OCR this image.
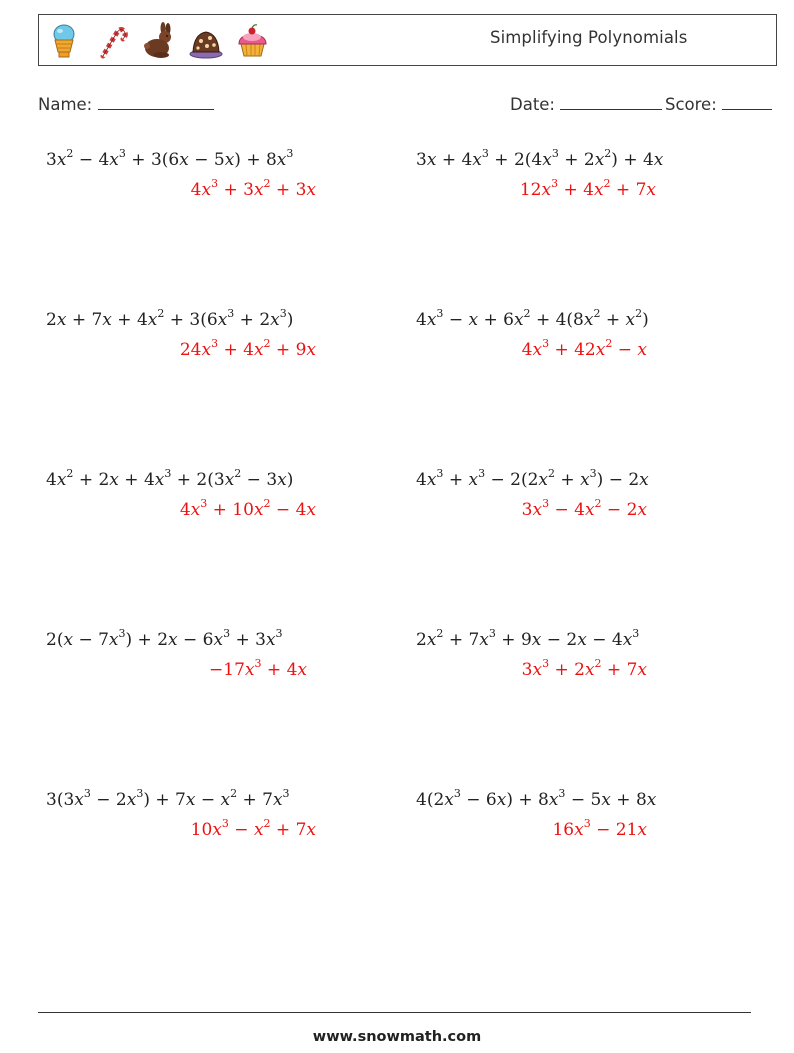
Simplifying Polynomials
Name:	Date:	Score:
$3x^2 - 4x^3 + 3(6x - 5x) + 8x^3$
$4x^3 + 3x^2 + 3x$
$3x + 4x^3 + 2(4x^3 + 2x^2) + 4x$
$12x^3 + 4x^2 + 7x$
$2x + 7x + 4x^2 + 3(6x^3 + 2x^3)$
$24x^3 + 4x^2 + 9x$
$4x^3 - x + 6x^2 + 4(8x^2 + x^2)$
$4x^3 + 42x^2 - x$
$4x^2 + 2x + 4x^3 + 2(3x^2 - 3x)$
$4x^3 + 10x^2 - 4x$
$4x^3 + x^3 - 2(2x^2 + x^3) - 2x$
$3x^3 - 4x^2 - 2x$
$2(x - 7x^3) + 2x - 6x^3 + 3x^3$
$-17x^3 + 4x$
$2x^2 + 7x^3 + 9x - 2x - 4x^3$
$3x^3 + 2x^2 + 7x$
$3(3x^3 - 2x^3) + 7x - x^2 + 7x^3$
$10x^3 - x^2 + 7x$
$4(2x^3 - 6x) + 8x^3 - 5x + 8x$
$16x^3 - 21x$
www.snowmath.com
